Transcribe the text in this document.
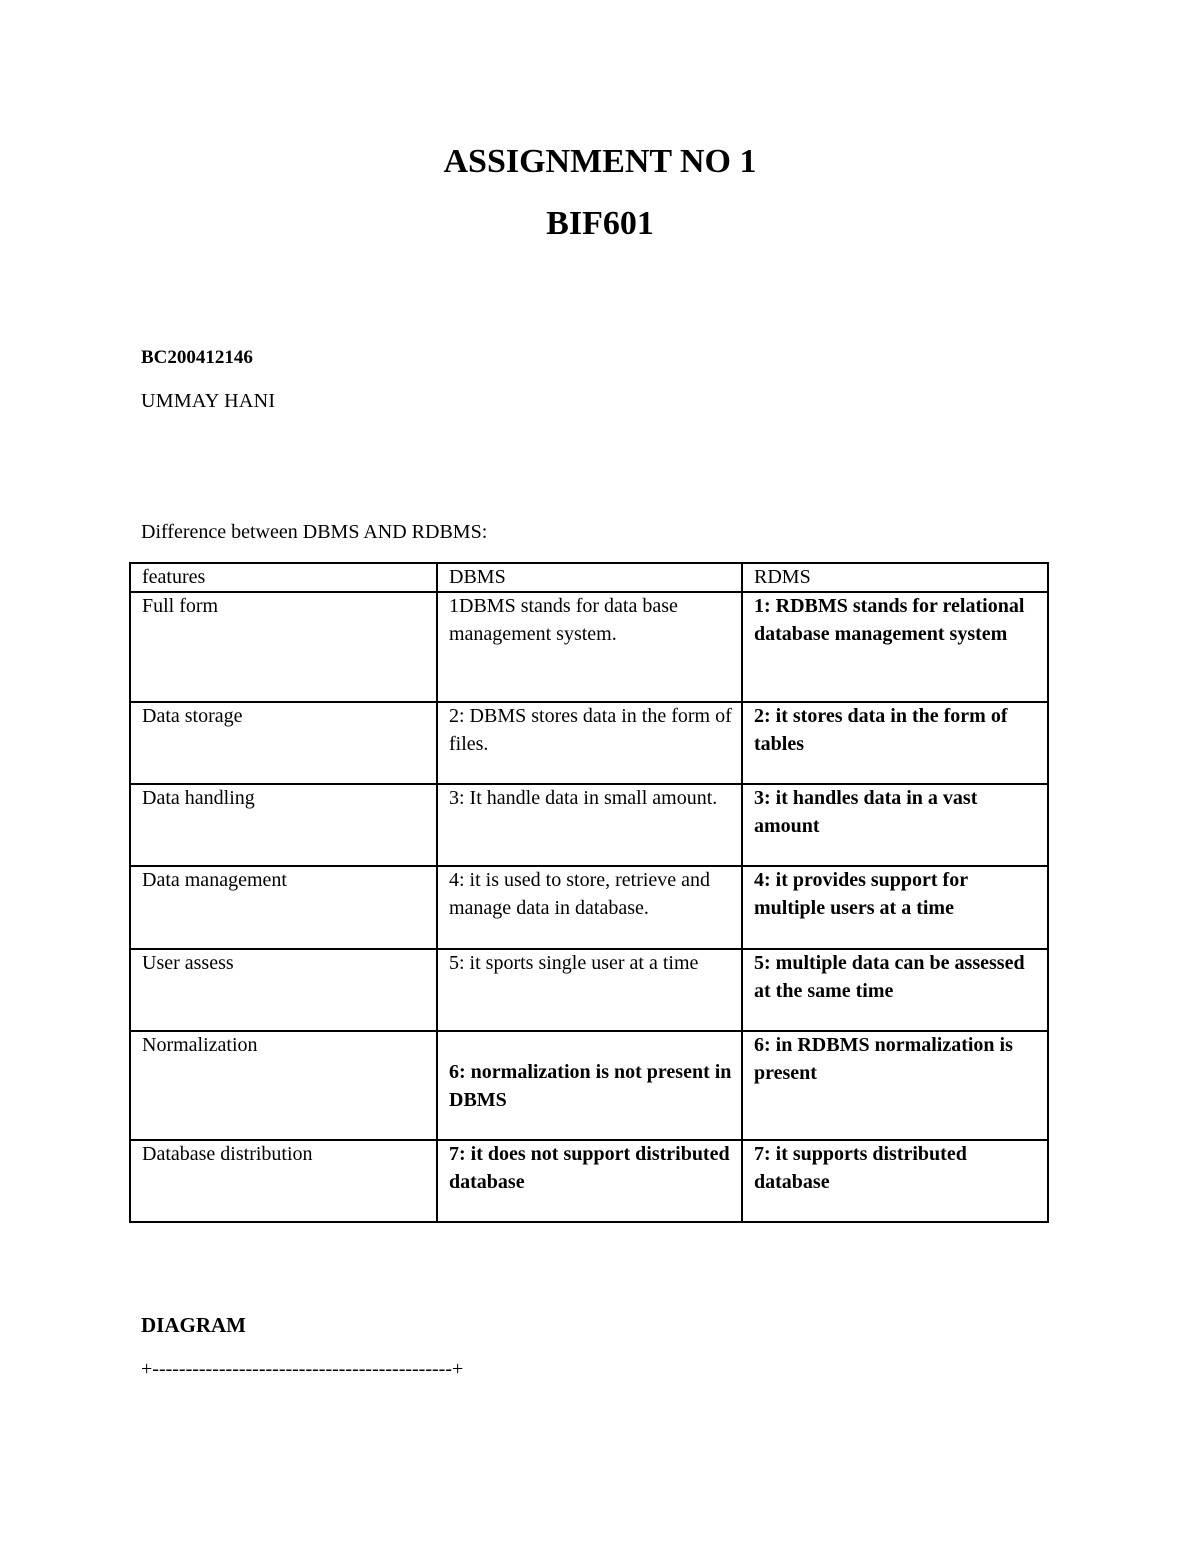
ASSIGNMENT NO 1
BIF601
BC200412146
UMMAY HANI
Difference between DBMS AND RDBMS:
features	DBMS	RDMS
Full form	1DBMS stands for data base management system.	1: RDBMS stands for relational database management system
Data storage	2: DBMS stores data in the form of files.	2: it stores data in the form of tables
Data handling	3: It handle data in small amount.	3: it handles data in a vast amount
Data management	4: it is used to store, retrieve and manage data in database.	4: it provides support for multiple users at a time
User assess	5: it sports single user at a time	5: multiple data can be assessed at the same time
Normalization	6: normalization is not present in DBMS	6: in RDBMS normalization is present
Database distribution	7: it does not support distributed database	7: it supports distributed database
DIAGRAM
+---------------------------------------------+
